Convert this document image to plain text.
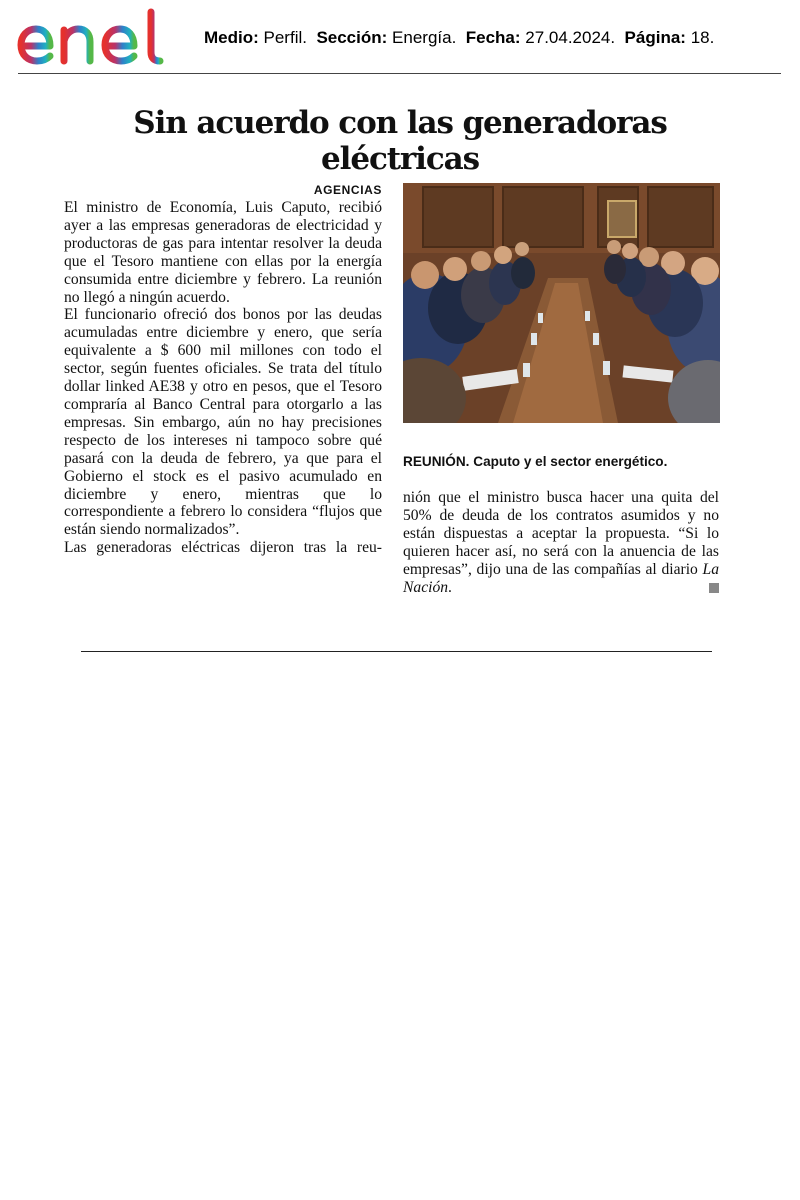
Medio: Perfil. Sección: Energía. Fecha: 27.04.2024. Página: 18.
Sin acuerdo con las generadoras eléctricas
AGENCIAS

El ministro de Economía, Luis Caputo, recibió ayer a las empresas generadoras de electricidad y productoras de gas para intentar resolver la deuda que el Tesoro mantiene con ellas por la energía consumida entre diciembre y febrero. La reunión no llegó a ningún acuerdo.

El funcionario ofreció dos bonos por las deudas acumuladas entre diciembre y enero, que sería equivalente a $ 600 mil millones con todo el sector, según fuentes oficiales. Se trata del título dollar linked AE38 y otro en pesos, que el Tesoro compraría al Banco Central para otorgarlo a las empresas. Sin embargo, aún no hay precisiones respecto de los intereses ni tampoco sobre qué pasará con la deuda de febrero, ya que para el Gobierno el stock es el pasivo acumulado en diciembre y enero, mientras que lo correspondiente a febrero lo considera “flujos que están siendo normalizados”.

Las generadoras eléctricas dijeron tras la reu-

REUNIÓN. Caputo y el sector energético.

nión que el ministro busca hacer una quita del 50% de deuda de los contratos asumidos y no están dispuestas a aceptar la propuesta. “Si lo quieren hacer así, no será con la anuencia de las empresas”, dijo una de las compañías al diario La Nación.
